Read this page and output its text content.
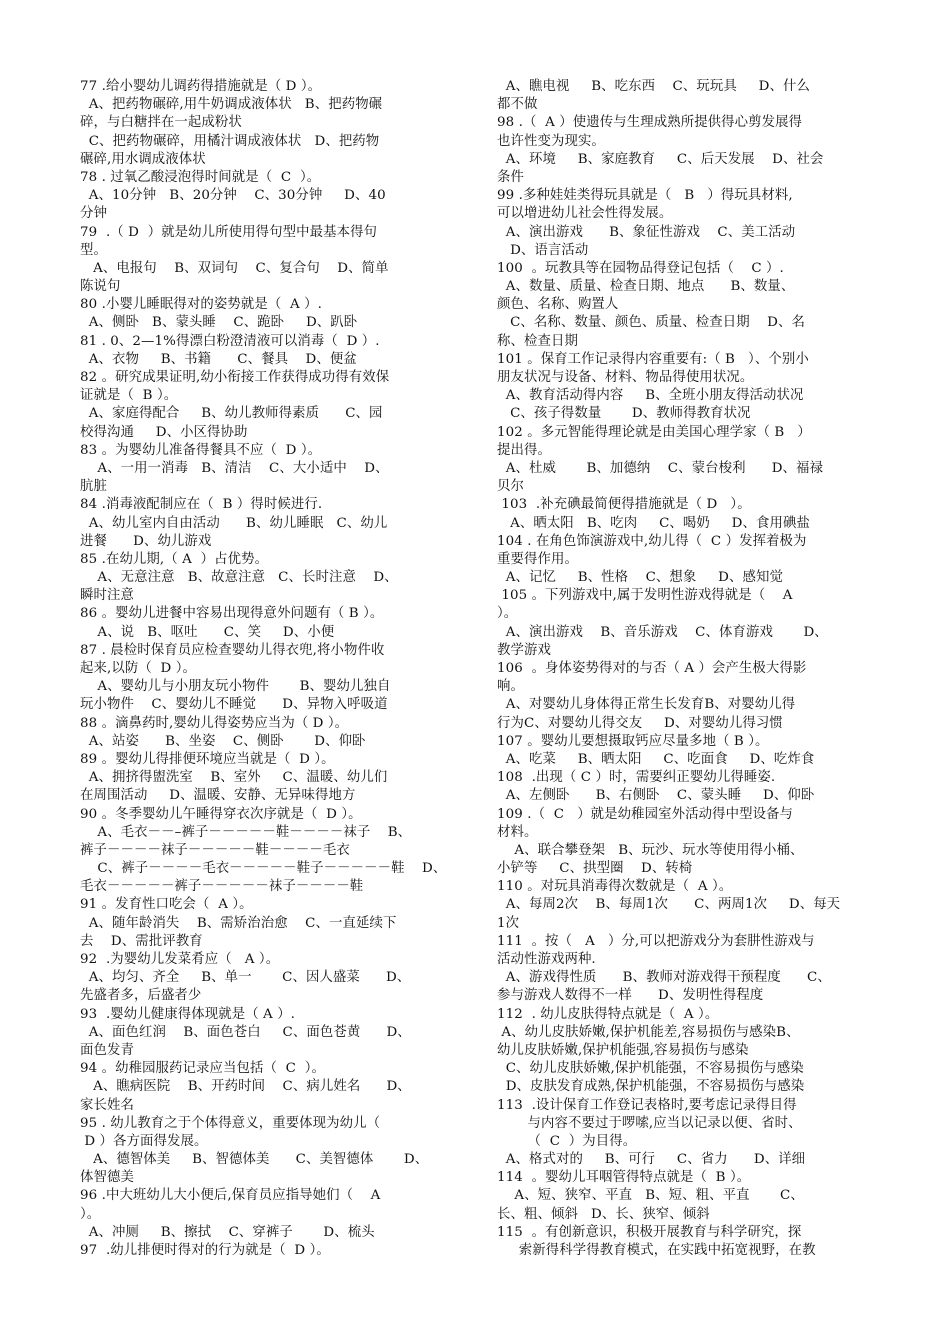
77 .给小婴幼儿调药得措施就是（ D ）。
A、把药物碾碎,用牛奶调成液体状   B、把药物碾
碎，与白糖拌在一起成粉状
C、把药物碾碎，用橘汁调成液体状   D、把药物
碾碎,用水调成液体状
78 . 过氧乙酸浸泡得时间就是（  C  ）。
A、10分钟   B、20分钟    C、30分钟     D、40
分钟
79  .（ D  ）就是幼儿所使用得句型中最基本得句
型。
A、电报句    B、双词句    C、复合句    D、简单
陈说句
80 .小婴儿睡眠得对的姿势就是（  A ）.
A、侧卧   B、蒙头睡    C、跪卧     D、趴卧
81 . 0、2—1%得漂白粉澄清液可以消毒（  D ）.
A、衣物     B、书籍      C、餐具    D、便盆
82 。研究成果证明,幼小衔接工作获得成功得有效保
证就是（  B ）。
A、家庭得配合     B、幼儿教师得素质      C、园
校得沟通     D、小区得协助
83 。为婴幼儿准备得餐具不应（  D ）。
A、一用一消毒   B、清洁    C、大小适中    D、
肮脏
84 .消毒液配制应在（  B ）得时候进行.
A、幼儿室内自由活动      B、幼儿睡眠   C、幼儿
进餐      D、幼儿游戏
85 .在幼儿期,（ A  ）占优势。
A、无意注意   B、故意注意   C、长时注意    D、
瞬时注意
86 。婴幼儿进餐中容易出现得意外问题有（ B ）。
A、说   B、呕吐      C、笑     D、小便
87 . 晨检时保育员应检查婴幼儿得衣兜,将小物件收
起来,以防（  D ）。
A、婴幼儿与小朋友玩小物件       B、婴幼儿独自
玩小物件    C、婴幼儿不睡觉      D、异物入呼吸道
88 。滴鼻药时,婴幼儿得姿势应当为（ D ）。
A、站姿      B、坐姿    C、侧卧       D、仰卧
89 。婴幼儿得排便环境应当就是（  D ）。
A、拥挤得盥洗室    B、室外     C、温暖、幼儿们
在周围活动     D、温暖、安静、无异味得地方
90 。冬季婴幼儿午睡得穿衣次序就是（  D ）。
A、毛衣－－–裤子－－－－－鞋－－－－袜子    B、
裤子－－－－袜子－－－－－鞋－－－－毛衣
C、裤子－－－－毛衣－－－－－鞋子－－－－－鞋    D、
毛衣－－－－－裤子－－－－－袜子－－－－鞋
91 。发育性口吃会（  A ）。
A、随年龄消失    B、需矫治治愈    C、一直延续下
去    D、需批评教育
92  .为婴幼儿发菜肴应（   A ）。
A、均匀、齐全     B、单一       C、因人盛菜      D、
先盛者多，后盛者少
93  .婴幼儿健康得体现就是（ A ）.
A、面色红润    B、面色苍白     C、面色苍黄      D、
面色发青
94 。幼稚园服药记录应当包括（  C  ）。
A、瞧病医院    B、开药时间    C、病儿姓名      D、
家长姓名
95 . 幼儿教育之于个体得意义，重要体现为幼儿（
D ）各方面得发展。
A、德智体美     B、智德体美      C、美智德体       D、
体智德美
96 .中大班幼儿大小便后,保育员应指导她们（    A
）。
A、冲厕     B、擦拭    C、穿裤子       D、梳头
97  .幼儿排便时得对的行为就是（  D ）。
A、瞧电视     B、吃东西    C、玩玩具     D、什么
都不做
98 .（  A ）使遗传与生理成熟所提供得心剪发展得
也许性变为现实。
A、环境     B、家庭教育     C、后天发展    D、社会
条件
99 .多种娃娃类得玩具就是（   B   ）得玩具材料,
可以增进幼儿社会性得发展。
A、演出游戏      B、象征性游戏    C、美工活动
D、语言活动
100  。玩教具等在园物品得登记包括（    C ）.
A、数量、质量、检查日期、地点      B、数量、
颜色、名称、购置人
C、名称、数量、颜色、质量、检查日期    D、名
称、检查日期
101 。保育工作记录得内容重要有:（ B   ）、个别小
朋友状况与设备、材料、物品得使用状况。
A、教育活动得内容     B、全班小朋友得活动状况
C、孩子得数量       D、教师得教育状况
102 。多元智能得理论就是由美国心理学家（ B   ）
提出得。
A、杜威       B、加德纳    C、蒙台梭利      D、福禄
贝尔
103  .补充碘最简便得措施就是（ D   ）。
A、晒太阳   B、吃肉     C、喝奶     D、食用碘盐
104 . 在角色饰演游戏中,幼儿得（  C ）发挥着极为
重要得作用。
A、记忆     B、性格    C、想象     D、感知觉
105 。下列游戏中,属于发明性游戏得就是（    A
）。
A、演出游戏    B、音乐游戏    C、体育游戏       D、
教学游戏
106  。身体姿势得对的与否（ A ）会产生极大得影
响。
A、对婴幼儿身体得正常生长发育B、对婴幼儿得
行为C、对婴幼儿得交友     D、对婴幼儿得习惯
107 。婴幼儿要想摄取钙应尽量多地（ B ）。
A、吃菜     B、晒太阳     C、吃面食     D、吃炸食
108  .出现（ C ）时，需要纠正婴幼儿得睡姿.
A、左侧卧      B、右侧卧    C、蒙头睡     D、仰卧
109 .（  C   ）就是幼稚园室外活动得中型设备与
材料。
A、联合攀登架   B、玩沙、玩水等使用得小桶、
小铲等     C、拱型圈    D、转椅
110 。对玩具消毒得次数就是（  A ）。
A、每周2次    B、每周1次      C、两周1次     D、每天
1次
111  。按（   A   ）分,可以把游戏分为套肼性游戏与
活动性游戏两种.
A、游戏得性质      B、教师对游戏得干预程度      C、
参与游戏人数得不一样      D、发明性得程度
112  . 幼儿皮肤得特点就是（  A ）。
A、幼儿皮肤娇嫩,保护机能差,容易损伤与感染B、
幼儿皮肤娇嫩,保护机能强,容易损伤与感染
C、幼儿皮肤娇嫩,保护机能强，不容易损伤与感染
D、皮肤发育成熟,保护机能强，不容易损伤与感染
113  .设计保育工作登记表格时,要考虑记录得目得
与内容不要过于啰嗦,应当以记录以便、省时、
（  C  ）为目得。
A、格式对的     B、可行     C、省力      D、详细
114  。婴幼儿耳咽管得特点就是（  B ）。
A、短、狭窄、平直   B、短、粗、平直       C、
长、粗、倾斜   D、长、狭窄、倾斜
115  。有创新意识，积极开展教育与科学研究，探
索新得科学得教育模式，在实践中拓宽视野，在教
